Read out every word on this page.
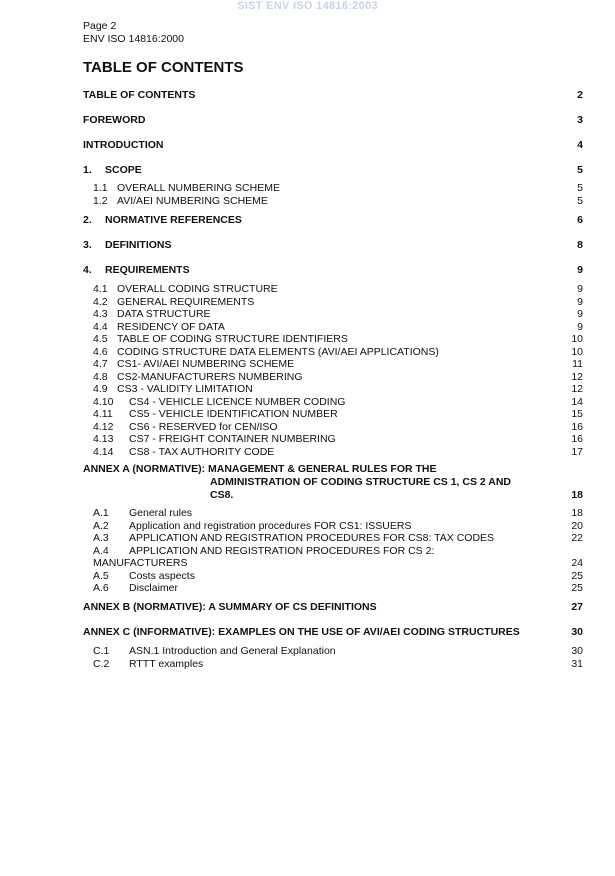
SIST ENV ISO 14816:2003
Page 2
ENV ISO 14816:2000
TABLE OF CONTENTS
TABLE OF CONTENTS	2
FOREWORD	3
INTRODUCTION	4
1. SCOPE	5
1.1 OVERALL NUMBERING SCHEME	5
1.2 AVI/AEI NUMBERING SCHEME	5
2. NORMATIVE REFERENCES	6
3. DEFINITIONS	8
4. REQUIREMENTS	9
4.1 OVERALL CODING STRUCTURE	9
4.2 GENERAL REQUIREMENTS	9
4.3 DATA STRUCTURE	9
4.4 RESIDENCY OF DATA	9
4.5 TABLE OF CODING STRUCTURE IDENTIFIERS	10
4.6 CODING STRUCTURE DATA ELEMENTS (AVI/AEI APPLICATIONS)	10
4.7 CS1- AVI/AEI NUMBERING SCHEME	11
4.8 CS2-MANUFACTURERS NUMBERING	12
4.9 CS3 - VALIDITY LIMITATION	12
4.10 CS4 - VEHICLE LICENCE NUMBER CODING	14
4.11 CS5 - VEHICLE IDENTIFICATION NUMBER	15
4.12 CS6 - RESERVED for CEN/ISO	16
4.13 CS7 - FREIGHT CONTAINER NUMBERING	16
4.14 CS8 - TAX AUTHORITY CODE	17
ANNEX A (NORMATIVE): MANAGEMENT & GENERAL RULES FOR THE
ADMINISTRATION OF CODING STRUCTURE CS 1, CS 2 AND
CS8.	18
A.1 General rules	18
A.2 Application and registration procedures FOR CS1: ISSUERS	20
A.3 APPLICATION AND REGISTRATION PROCEDURES FOR CS8: TAX CODES	22
A.4 APPLICATION AND REGISTRATION PROCEDURES FOR CS 2:
MANUFACTURERS	24
A.5 Costs aspects	25
A.6 Disclaimer	25
ANNEX B (NORMATIVE): A SUMMARY OF CS DEFINITIONS	27
ANNEX C (INFORMATIVE): EXAMPLES ON THE USE OF AVI/AEI CODING STRUCTURES	30
C.1 ASN.1 Introduction and General Explanation	30
C.2 RTTT examples	31
